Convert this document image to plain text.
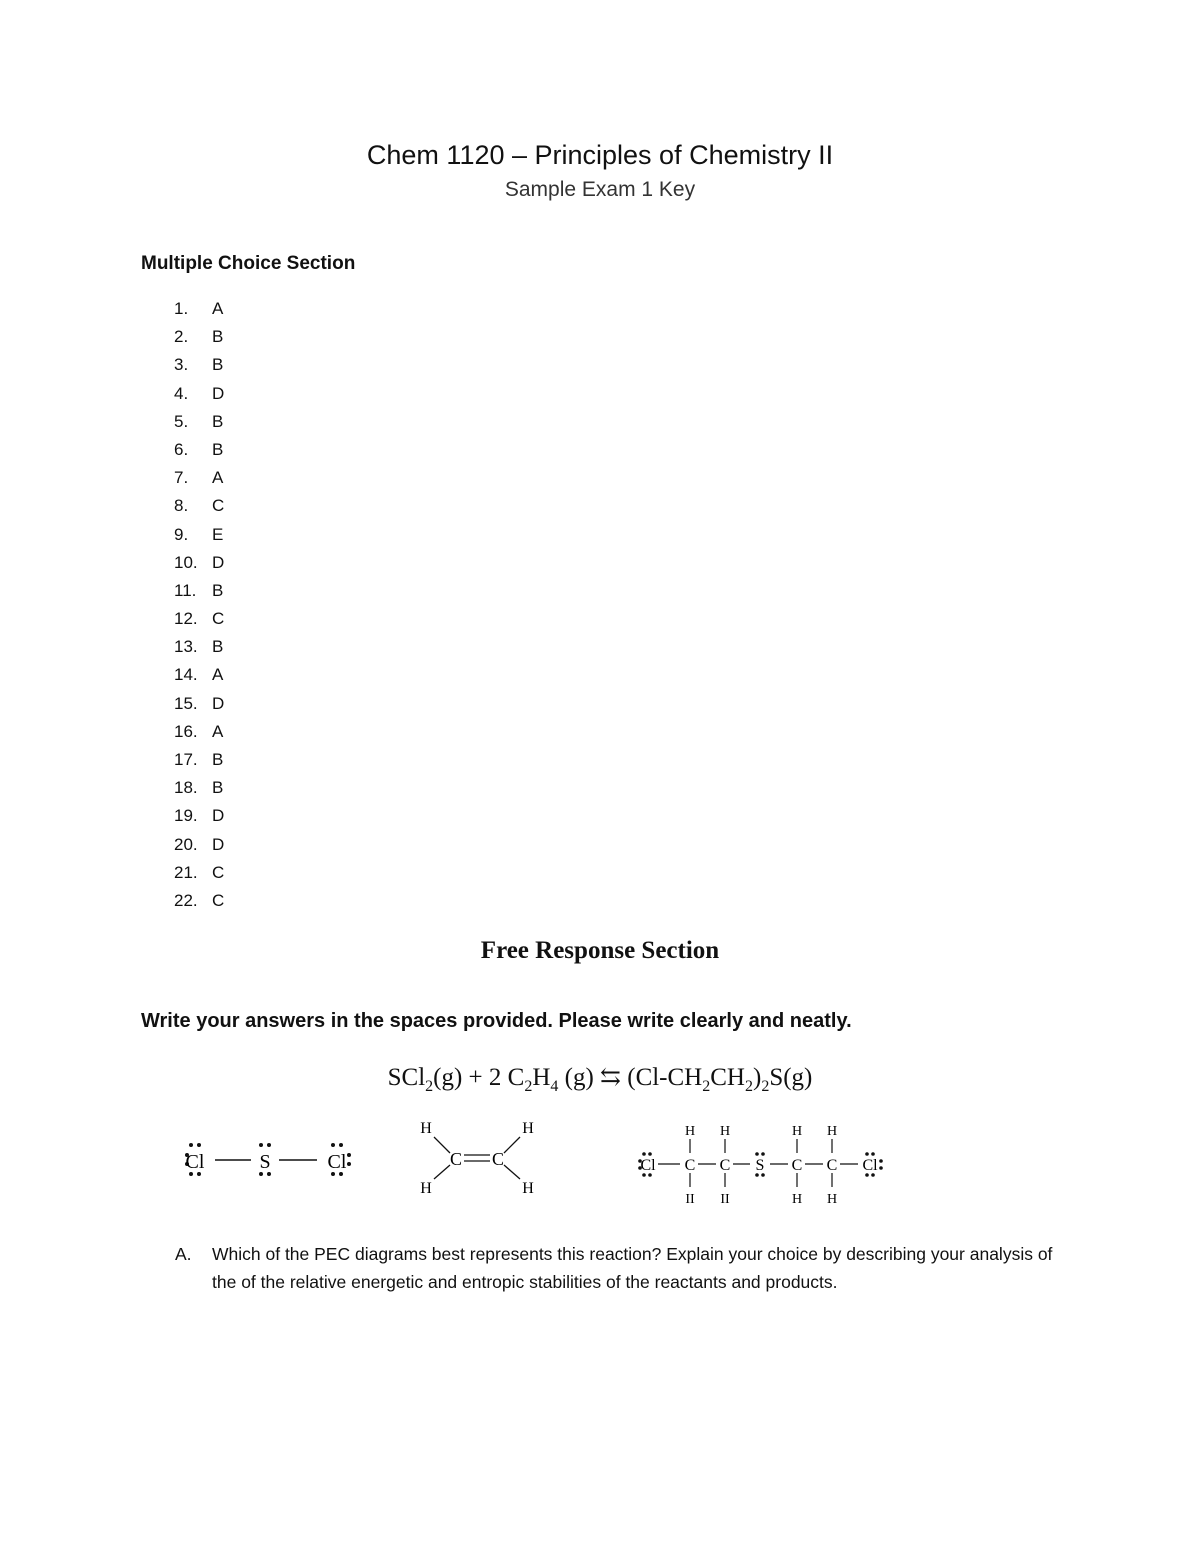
Chem 1120 – Principles of Chemistry II
Sample Exam 1 Key
Multiple Choice Section
1. A
2. B
3. B
4. D
5. B
6. B
7. A
8. C
9. E
10. D
11. B
12. C
13. B
14. A
15. D
16. A
17. B
18. B
19. D
20. D
21. C
22. C
Free Response Section
Write your answers in the spaces provided. Please write clearly and neatly.
SCl$_2$(g) + 2 $C_2H_4$ (g) ⇆ $(Cl-CH_2CH_2)_2S(g)$
Cl	S	Cl
H	H
H	H
C C	Cl C C S C C Cl
H H	H H
II II	H H
A.	Which of the PEC diagrams best represents this reaction? Explain your choice by describing your analysis of the of the relative energetic and entropic stabilities of the reactants and products.
